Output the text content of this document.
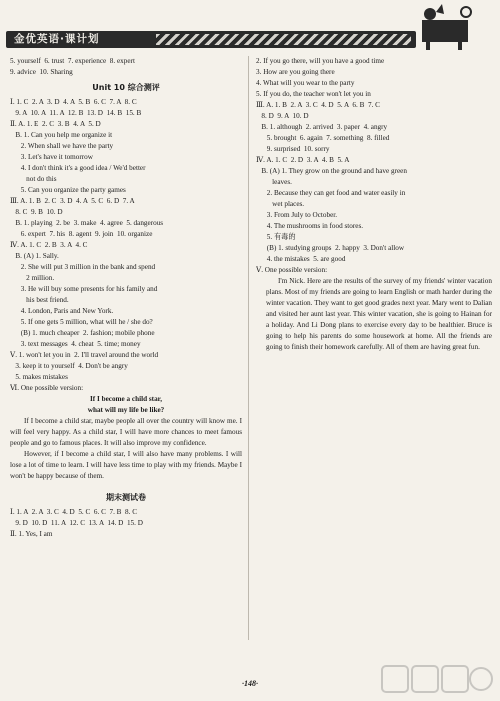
金优英语·课计划
5. yourself  6. trust  7. experience  8. expert
9. advice  10. Sharing
Unit 10 综合测评
Ⅰ. 1. C  2. A  3. D  4. A  5. B  6. C  7. A  8. C
9. A  10. A  11. A  12. B  13. D  14. B  15. B
Ⅱ. A. 1. E  2. C  3. B  4. A  5. D
B. 1. Can you help me organize it
2. When shall we have the party
3. Let's have it tomorrow
4. I don't think it's a good idea / We'd better
not do this
5. Can you organize the party games
Ⅲ. A. 1. B  2. C  3. D  4. A  5. C  6. D  7. A
8. C  9. B  10. D
B. 1. playing  2. be  3. make  4. agree  5. dangerous
6. expert  7. his  8. agent  9. join  10. organize
Ⅳ. A. 1. C  2. B  3. A  4. C
B. (A) 1. Sally.
2. She will put 3 million in the bank and spend
2 million.
3. He will buy some presents for his family and
his best friend.
4. London, Paris and New York.
5. If one gets 5 million, what will he / she do?
(B) 1. much cheaper  2. fashion; mobile phone
3. text messages  4. cheat  5. time; money
Ⅴ. 1. won't let you in  2. I'll travel around the world
3. keep it to yourself  4. Don't be angry
5. makes mistakes
Ⅵ. One possible version:
If I become a child star,
what will my life be like?
If I become a child star, maybe people all over the country will know me. I will feel very happy. As a child star, I will have more chances to meet famous people and go to famous places. It will also improve my confidence.
However, if I become a child star, I will also have many problems. I will lose a lot of time to learn. I will have less time to play with my friends. Maybe I won't be happy because of them.
期末测试卷
Ⅰ. 1. A  2. A  3. C  4. D  5. C  6. C  7. B  8. C
9. D  10. D  11. A  12. C  13. A  14. D  15. D
Ⅱ. 1. Yes, I am
2. If you go there, will you have a good time
3. How are you going there
4. What will you wear to the party
5. If you do, the teacher won't let you in
Ⅲ. A. 1. B  2. A  3. C  4. D  5. A  6. B  7. C
8. D  9. A  10. D
B. 1. although  2. arrived  3. paper  4. angry
5. brought  6. again  7. something  8. filled
9. surprised  10. sorry
Ⅳ. A. 1. C  2. D  3. A  4. B  5. A
B. (A) 1. They grow on the ground and have green
leaves.
2. Because they can get food and water easily in
wet places.
3. From July to October.
4. The mushrooms in food stores.
5. 有毒的
(B) 1. studying groups  2. happy  3. Don't allow
4. the mistakes  5. are good
Ⅴ. One possible version:
I'm Nick. Here are the results of the survey of my friends' winter vacation plans. Most of my friends are going to learn English or math harder during the winter vacation. They want to get good grades next year. Mary went to Dalian and visited her aunt last year. This winter vacation, she is going to Hainan for a holiday. And Li Dong plans to exercise every day to be healthier. Bruce is going to help his parents do some housework at home. All the friends are going to finish their homework carefully. All of them are having great fun.
·148·
